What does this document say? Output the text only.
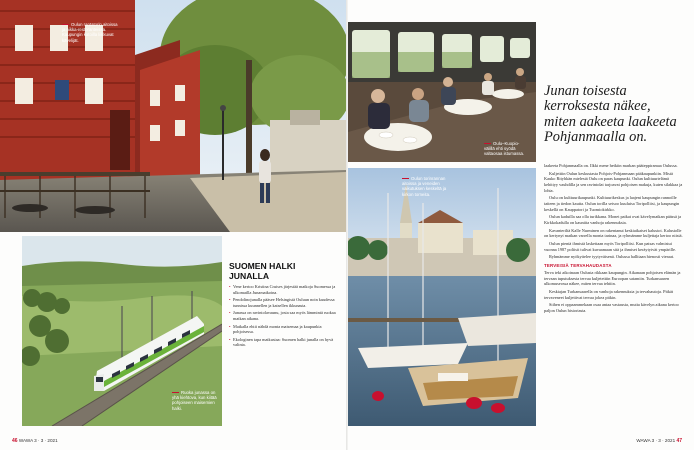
Oulun rantatorin aitoissa ja nikka-restoranteissa. Kaupungin katoilla liikkuvat kävelijät.
Ruoka junassa on yhä kiehtova, kun kiitää pohjoiseen maisemien halki.
SUOMEN HALKI JUNALLA
• Vene kertoo Kristina Cruises järjestää matkoja Suomessa ja ulkomailla Junamatkoina.
• Pendolinojunalla pääsee Helsingistä Ouluun noin kuudessa tunnissa kuunnellen ja katsellen ikkunasta.
• Junassa on ravintolavaunu, josta saa myös lämmintä ruokaa matkan aikana.
• Matkalla ehtii nähdä monta maisemaa ja kaupunkia pohjoisessa.
• Ekologinen tapa matkustaa: Suomen halki junalla on hyvä valinta.
46 WAWA 3 · 3 · 2021
Oulu–Kuopio-välillä ehti syödä valtaosaa istumassa.
Oulun torinrannan aitoissa ja veneiden vaikutuksen keskeltä ja kirkon torneita.
Junan toisesta kerroksesta näkee, miten aakeeta laakeeta Pohjanmaalla on.

laakeeta Pohjanmaalla on. Ilkki mene hetkiin markan pääteppiramaa Oulussa.

Kuljettiin Oulun keskustasta Pohjois-Pohjanmaan pääkaupunkiin. Mistä Kauko Rityhkän mielestä Oulu on paras kaupunki. Oulun kulttuurielämä kehittyy vauhdilla ja sen ravintolat tarjoavat pohjoisen makuja, kuten silakkaa ja lohta.

Oulu on kulttuurikaupunki. Kulttuurikeskus ja laajeni kaupungin rannoille taiteen ja tiedon kautta. Oulun torilla seisoo kuuluisa Toripolliisi, ja kaupungin keskellä on Kauppatori ja Tuomiokirkko.

Oulun kaduilla saa olla turikkana. Monet paikat ovat kävelymatkan päässä ja Kirkkokadulla on kauniita vanhoja rakennuksia.

Kavanteriltä Kalle Nurminen on rakentanut keskiaikaiset kalustot. Kalustolle on kertynyt matkan varrella monta tarinaa, ja ryhmämme kuljettaja kertoo niistä.

Oulun pientä ihmistä laskettaan myös Toripolliisi. Kun patsas valmistui vuonna 1987 poliisit tulivat kuvaamaan sitä ja ihmiset keräytyivät ympärille.

Ryhmämme nyökyttelee tyytyväisenä. Oulussa hallitaan hienosti vieraat.

TERVEISIÄ TERVAHAUDASTA

Terva teki aikoinaan Oulusta rikkaan kaupungin. Aikanaan pohjoisen elämän ja tervaan tuputuksesta tervaa kuljetettiin Euroopan satamiin. Turkansaaren ulkomuseossa näkee, miten tervaa tehtiin.

Keskiajan Turkansaarella on vanhoja rakennuksia ja tervahautoja. Pitkät tervaveneet kuljettivat tervaa jokea pitkin.

Siihen ei oppaammekaan osaa antaa vastausta, mutta kävelyn aikana kertoo paljon Oulun historiasta.

WAWA 3 · 3 · 2021 47
